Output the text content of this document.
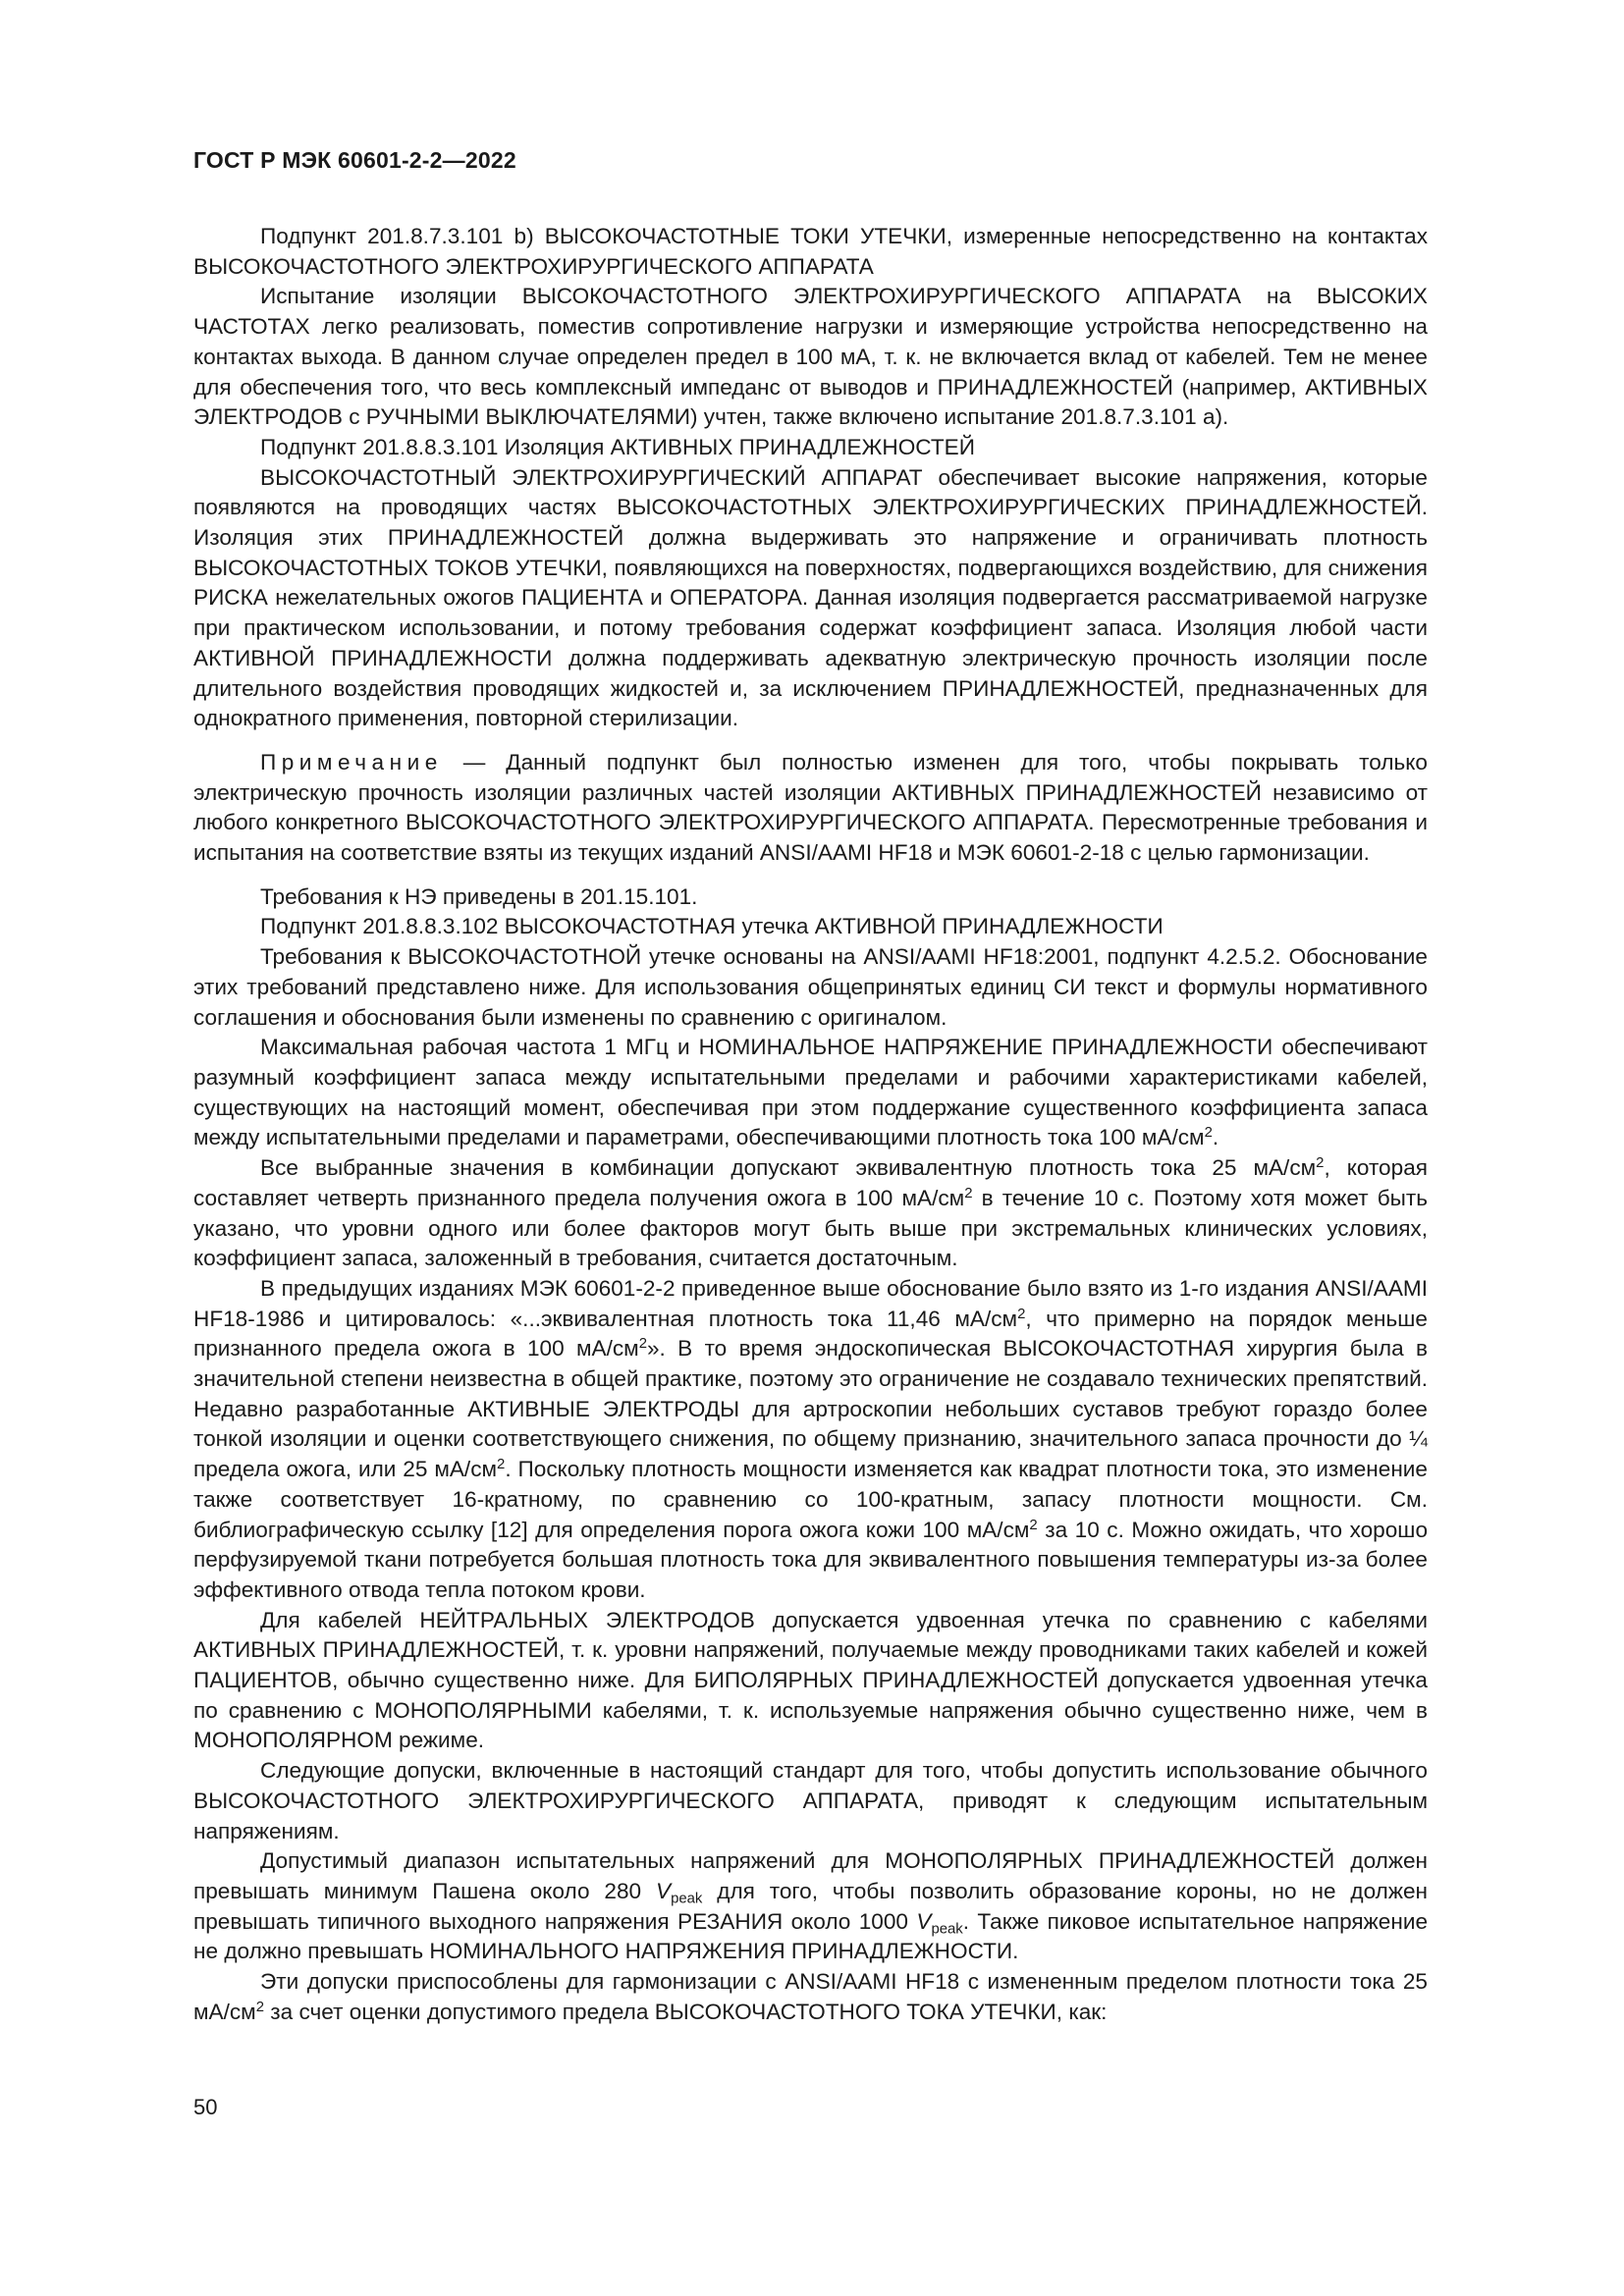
ГОСТ Р МЭК 60601-2-2—2022

Подпункт 201.8.7.3.101 b) ВЫСОКОЧАСТОТНЫЕ ТОКИ УТЕЧКИ, измеренные непосредственно на контактах ВЫСОКОЧАСТОТНОГО ЭЛЕКТРОХИРУРГИЧЕСКОГО АППАРАТА

Испытание изоляции ВЫСОКОЧАСТОТНОГО ЭЛЕКТРОХИРУРГИЧЕСКОГО АППАРАТА на ВЫСОКИХ ЧАСТОТАХ легко реализовать, поместив сопротивление нагрузки и измеряющие устройства непосредственно на контактах выхода. В данном случае определен предел в 100 мА, т. к. не включается вклад от кабелей. Тем не менее для обеспечения того, что весь комплексный импеданс от выводов и ПРИНАДЛЕЖНОСТЕЙ (например, АКТИВНЫХ ЭЛЕКТРОДОВ с РУЧНЫМИ ВЫКЛЮЧАТЕЛЯМИ) учтен, также включено испытание 201.8.7.3.101 a).

Подпункт 201.8.8.3.101 Изоляция АКТИВНЫХ ПРИНАДЛЕЖНОСТЕЙ

ВЫСОКОЧАСТОТНЫЙ ЭЛЕКТРОХИРУРГИЧЕСКИЙ АППАРАТ обеспечивает высокие напряжения, которые появляются на проводящих частях ВЫСОКОЧАСТОТНЫХ ЭЛЕКТРОХИРУРГИЧЕСКИХ ПРИНАДЛЕЖНОСТЕЙ. Изоляция этих ПРИНАДЛЕЖНОСТЕЙ должна выдерживать это напряжение и ограничивать плотность ВЫСОКОЧАСТОТНЫХ ТОКОВ УТЕЧКИ, появляющихся на поверхностях, подвергающихся воздействию, для снижения РИСКА нежелательных ожогов ПАЦИЕНТА и ОПЕРАТОРА. Данная изоляция подвергается рассматриваемой нагрузке при практическом использовании, и потому требования содержат коэффициент запаса. Изоляция любой части АКТИВНОЙ ПРИНАДЛЕЖНОСТИ должна поддерживать адекватную электрическую прочность изоляции после длительного воздействия проводящих жидкостей и, за исключением ПРИНАДЛЕЖНОСТЕЙ, предназначенных для однократного применения, повторной стерилизации.

Примечание — Данный подпункт был полностью изменен для того, чтобы покрывать только электрическую прочность изоляции различных частей изоляции АКТИВНЫХ ПРИНАДЛЕЖНОСТЕЙ независимо от любого конкретного ВЫСОКОЧАСТОТНОГО ЭЛЕКТРОХИРУРГИЧЕСКОГО АППАРАТА. Пересмотренные требования и испытания на соответствие взяты из текущих изданий ANSI/AAMI HF18 и МЭК 60601-2-18 с целью гармонизации.

Требования к НЭ приведены в 201.15.101.

Подпункт 201.8.8.3.102 ВЫСОКОЧАСТОТНАЯ утечка АКТИВНОЙ ПРИНАДЛЕЖНОСТИ

Требования к ВЫСОКОЧАСТОТНОЙ утечке основаны на ANSI/AAMI HF18:2001, подпункт 4.2.5.2. Обоснование этих требований представлено ниже. Для использования общепринятых единиц СИ текст и формулы нормативного соглашения и обоснования были изменены по сравнению с оригиналом.

Максимальная рабочая частота 1 МГц и НОМИНАЛЬНОЕ НАПРЯЖЕНИЕ ПРИНАДЛЕЖНОСТИ обеспечивают разумный коэффициент запаса между испытательными пределами и рабочими характеристиками кабелей, существующих на настоящий момент, обеспечивая при этом поддержание существенного коэффициента запаса между испытательными пределами и параметрами, обеспечивающими плотность тока 100 $мА/см^2$.

Все выбранные значения в комбинации допускают эквивалентную плотность тока 25 $мА/см^2$, которая составляет четверть признанного предела получения ожога в 100 $мА/см^2$ в течение 10 с. Поэтому хотя может быть указано, что уровни одного или более факторов могут быть выше при экстремальных клинических условиях, коэффициент запаса, заложенный в требования, считается достаточным.

В предыдущих изданиях МЭК 60601-2-2 приведенное выше обоснование было взято из 1-го издания ANSI/AAMI HF18-1986 и цитировалось: «...эквивалентная плотность тока 11,46 $мА/см^2$, что примерно на порядок меньше признанного предела ожога в 100 $мА/см^2$». В то время эндоскопическая ВЫСОКОЧАСТОТНАЯ хирургия была в значительной степени неизвестна в общей практике, поэтому это ограничение не создавало технических препятствий. Недавно разработанные АКТИВНЫЕ ЭЛЕКТРОДЫ для артроскопии небольших суставов требуют гораздо более тонкой изоляции и оценки соответствующего снижения, по общему признанию, значительного запаса прочности до ¼ предела ожога, или 25 $мА/см^2$. Поскольку плотность мощности изменяется как квадрат плотности тока, это изменение также соответствует 16-кратному, по сравнению со 100-кратным, запасу плотности мощности. См. библиографическую ссылку [12] для определения порога ожога кожи 100 $мА/см^2$ за 10 с. Можно ожидать, что хорошо перфузируемой ткани потребуется большая плотность тока для эквивалентного повышения температуры из-за более эффективного отвода тепла потоком крови.

Для кабелей НЕЙТРАЛЬНЫХ ЭЛЕКТРОДОВ допускается удвоенная утечка по сравнению с кабелями АКТИВНЫХ ПРИНАДЛЕЖНОСТЕЙ, т. к. уровни напряжений, получаемые между проводниками таких кабелей и кожей ПАЦИЕНТОВ, обычно существенно ниже. Для БИПОЛЯРНЫХ ПРИНАДЛЕЖНОСТЕЙ допускается удвоенная утечка по сравнению с МОНОПОЛЯРНЫМИ кабелями, т. к. используемые напряжения обычно существенно ниже, чем в МОНОПОЛЯРНОМ режиме.

Следующие допуски, включенные в настоящий стандарт для того, чтобы допустить использование обычного ВЫСОКОЧАСТОТНОГО ЭЛЕКТРОХИРУРГИЧЕСКОГО АППАРАТА, приводят к следующим испытательным напряжениям.

Допустимый диапазон испытательных напряжений для МОНОПОЛЯРНЫХ ПРИНАДЛЕЖНОСТЕЙ должен превышать минимум Пашена около 280 $V_{peak}$ для того, чтобы позволить образование короны, но не должен превышать типичного выходного напряжения РЕЗАНИЯ около 1000 $V_{peak}$. Также пиковое испытательное напряжение не должно превышать НОМИНАЛЬНОГО НАПРЯЖЕНИЯ ПРИНАДЛЕЖНОСТИ.

Эти допуски приспособлены для гармонизации с ANSI/AAMI HF18 с измененным пределом плотности тока 25 $мА/см^2$ за счет оценки допустимого предела ВЫСОКОЧАСТОТНОГО ТОКА УТЕЧКИ, как:

50
